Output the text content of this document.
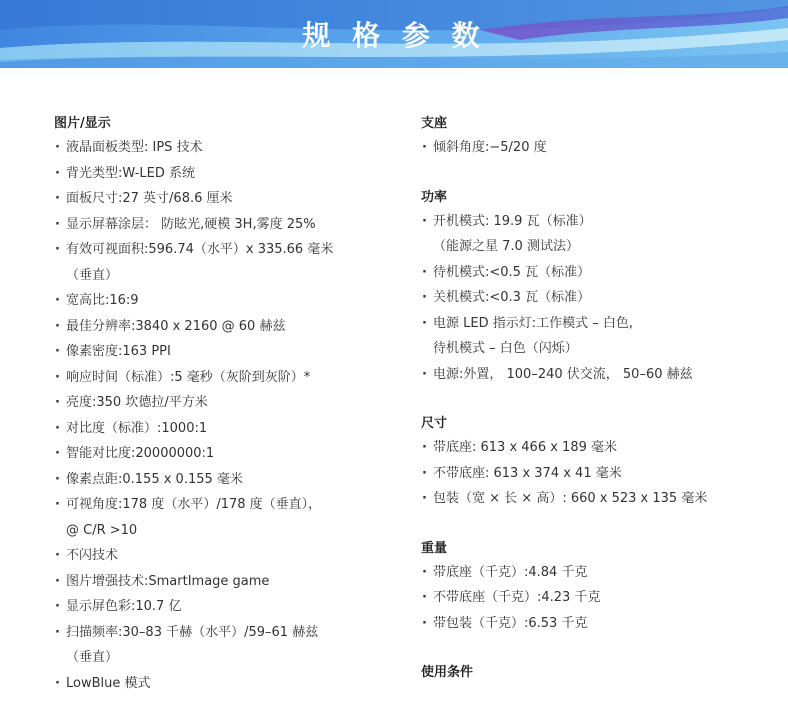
规 格 参 数
图片/显示
· 液晶面板类型: IPS 技术
· 背光类型:W-LED 系统
· 面板尺寸:27 英寸/68.6 厘米
· 显示屏幕涂层： 防眩光,硬模 3H,雾度 25%
· 有效可视面积:596.74（水平）x 335.66 毫米
（垂直）
· 宽高比:16:9
· 最佳分辨率:3840 x 2160 @ 60 赫兹
· 像素密度:163 PPI
· 响应时间（标准）:5 毫秒（灰阶到灰阶）*
· 亮度:350 坎德拉/平方米
· 对比度（标准）:1000:1
· 智能对比度:20000000:1
· 像素点距:0.155 x 0.155 毫米
· 可视角度:178 度（水平）/178 度（垂直），
@ C/R >10
· 不闪技术
· 图片增强技术:SmartImage game
· 显示屏色彩:10.7 亿
· 扫描频率:30–83 千赫（水平）/59–61 赫兹
（垂直）
· LowBlue 模式
支座
· 倾斜角度:−5/20 度
功率
· 开机模式: 19.9 瓦（标准）
（能源之星 7.0 测试法）
· 待机模式:<0.5 瓦（标准）
· 关机模式:<0.3 瓦（标准）
· 电源 LED 指示灯:工作模式 – 白色,
待机模式 – 白色（闪烁）
· 电源:外置， 100–240 伏交流， 50–60 赫兹
尺寸
· 带底座: 613 x 466 x 189 毫米
· 不带底座: 613 x 374 x 41 毫米
· 包装（宽 × 长 × 高）: 660 x 523 x 135 毫米
重量
· 带底座（千克）:4.84 千克
· 不带底座（千克）:4.23 千克
· 带包装（千克）:6.53 千克
使用条件
